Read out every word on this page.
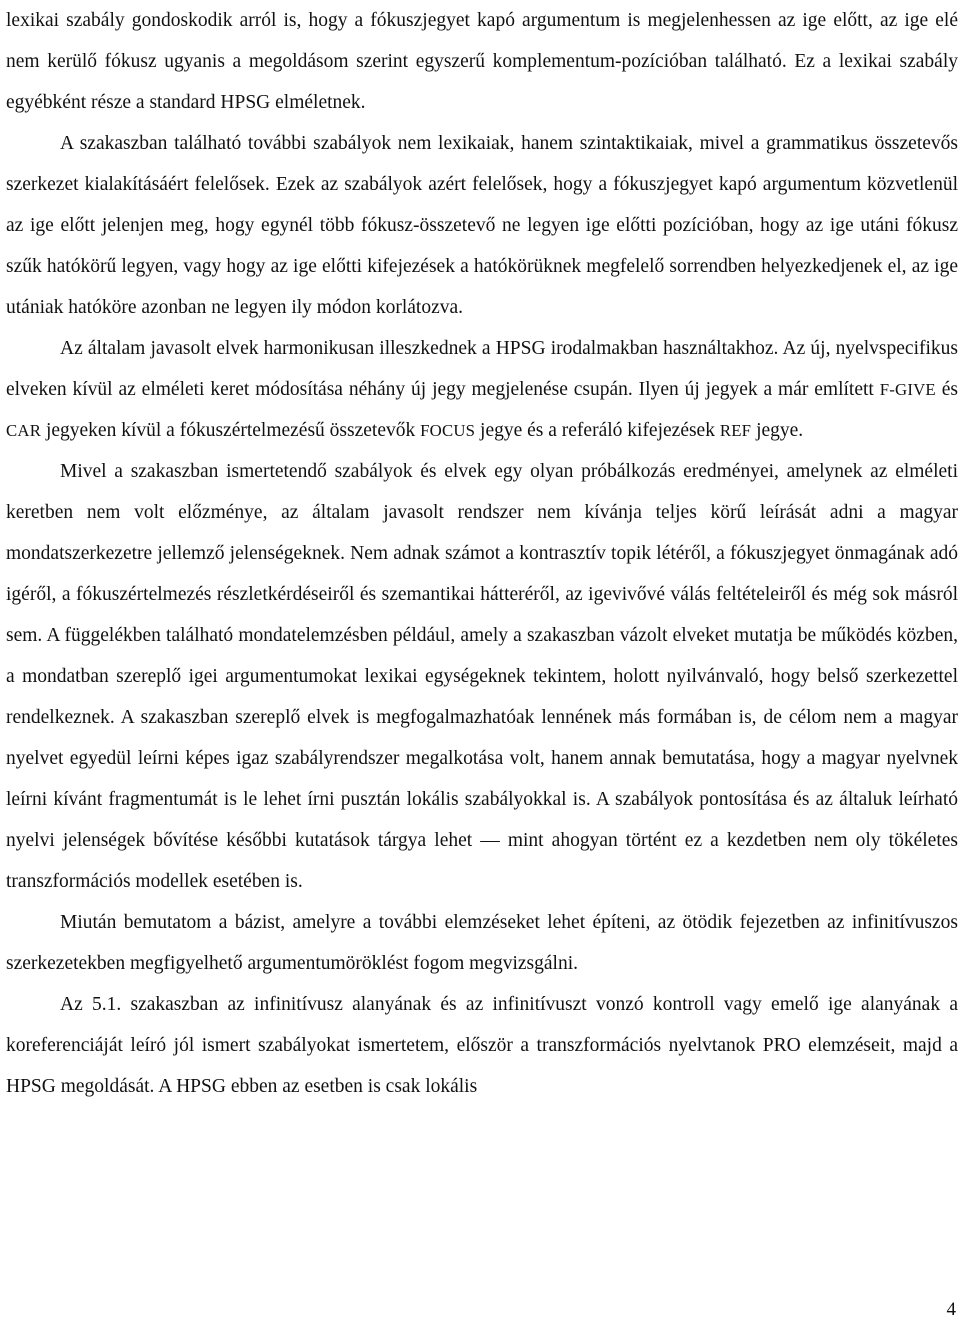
lexikai szabály gondoskodik arról is, hogy a fókuszjegyet kapó argumentum is megjelenhessen az ige előtt, az ige elé nem kerülő fókusz ugyanis a megoldásom szerint egyszerű komplementum-pozícióban található. Ez a lexikai szabály egyébként része a standard HPSG elméletnek.

A szakaszban található további szabályok nem lexikaiak, hanem szintaktikaiak, mivel a grammatikus összetevős szerkezet kialakításáért felelősek. Ezek az szabályok azért felelősek, hogy a fókuszjegyet kapó argumentum közvetlenül az ige előtt jelenjen meg, hogy egynél több fókusz-összetevő ne legyen ige előtti pozícióban, hogy az ige utáni fókusz szűk hatókörű legyen, vagy hogy az ige előtti kifejezések a hatókörüknek megfelelő sorrendben helyezkedjenek el, az ige utániak hatóköre azonban ne legyen ily módon korlátozva.

Az általam javasolt elvek harmonikusan illeszkednek a HPSG irodalmakban használtakhoz. Az új, nyelvspecifikus elveken kívül az elméleti keret módosítása néhány új jegy megjelenése csupán. Ilyen új jegyek a már említett F-GIVE és CAR jegyeken kívül a fókuszértelmezésű összetevők FOCUS jegye és a referáló kifejezések REF jegye.

Mivel a szakaszban ismertetendő szabályok és elvek egy olyan próbálkozás eredményei, amelynek az elméleti keretben nem volt előzménye, az általam javasolt rendszer nem kívánja teljes körű leírását adni a magyar mondatszerkezetre jellemző jelenségeknek. Nem adnak számot a kontrasztív topik létéről, a fókuszjegyet önmagának adó igéről, a fókuszértelmezés részletkérdéseiről és szemantikai hátteréről, az igevivővé válás feltételeiről és még sok másról sem. A függelékben található mondatelemzésben például, amely a szakaszban vázolt elveket mutatja be működés közben, a mondatban szereplő igei argumentumokat lexikai egységeknek tekintem, holott nyilvánvaló, hogy belső szerkezettel rendelkeznek. A szakaszban szereplő elvek is megfogalmazhatóak lennének más formában is, de célom nem a magyar nyelvet egyedül leírni képes igaz szabályrendszer megalkotása volt, hanem annak bemutatása, hogy a magyar nyelvnek leírni kívánt fragmentumát is le lehet írni pusztán lokális szabályokkal is. A szabályok pontosítása és az általuk leírható nyelvi jelenségek bővítése későbbi kutatások tárgya lehet — mint ahogyan történt ez a kezdetben nem oly tökéletes transzformációs modellek esetében is.

Miután bemutatom a bázist, amelyre a további elemzéseket lehet építeni, az ötödik fejezetben az infinitívuszos szerkezetekben megfigyelhető argumentumöröklést fogom megvizsgálni.

Az 5.1. szakaszban az infinitívusz alanyának és az infinitívuszt vonzó kontroll vagy emelő ige alanyának a koreferenciáját leíró jól ismert szabályokat ismertetem, először a transzformációs nyelvtanok PRO elemzéseit, majd a HPSG megoldását. A HPSG ebben az esetben is csak lokális

4
